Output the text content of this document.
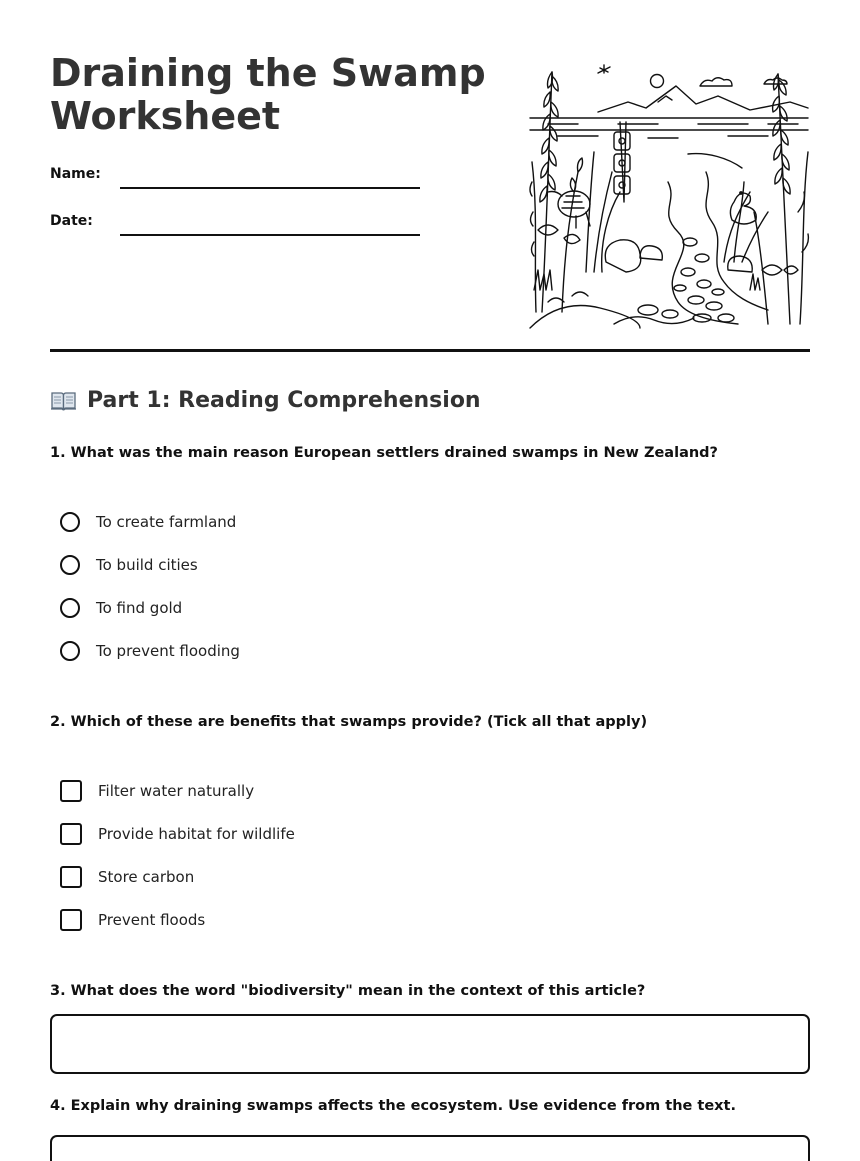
Draining the Swamp Worksheet
Name:
Date:
Part 1: Reading Comprehension

1. What was the main reason European settlers drained swamps in New Zealand?

To create farmland
To build cities
To find gold
To prevent flooding

2. Which of these are benefits that swamps provide? (Tick all that apply)

Filter water naturally
Provide habitat for wildlife
Store carbon
Prevent floods

3. What does the word "biodiversity" mean in the context of this article?

4. Explain why draining swamps affects the ecosystem. Use evidence from the text.
